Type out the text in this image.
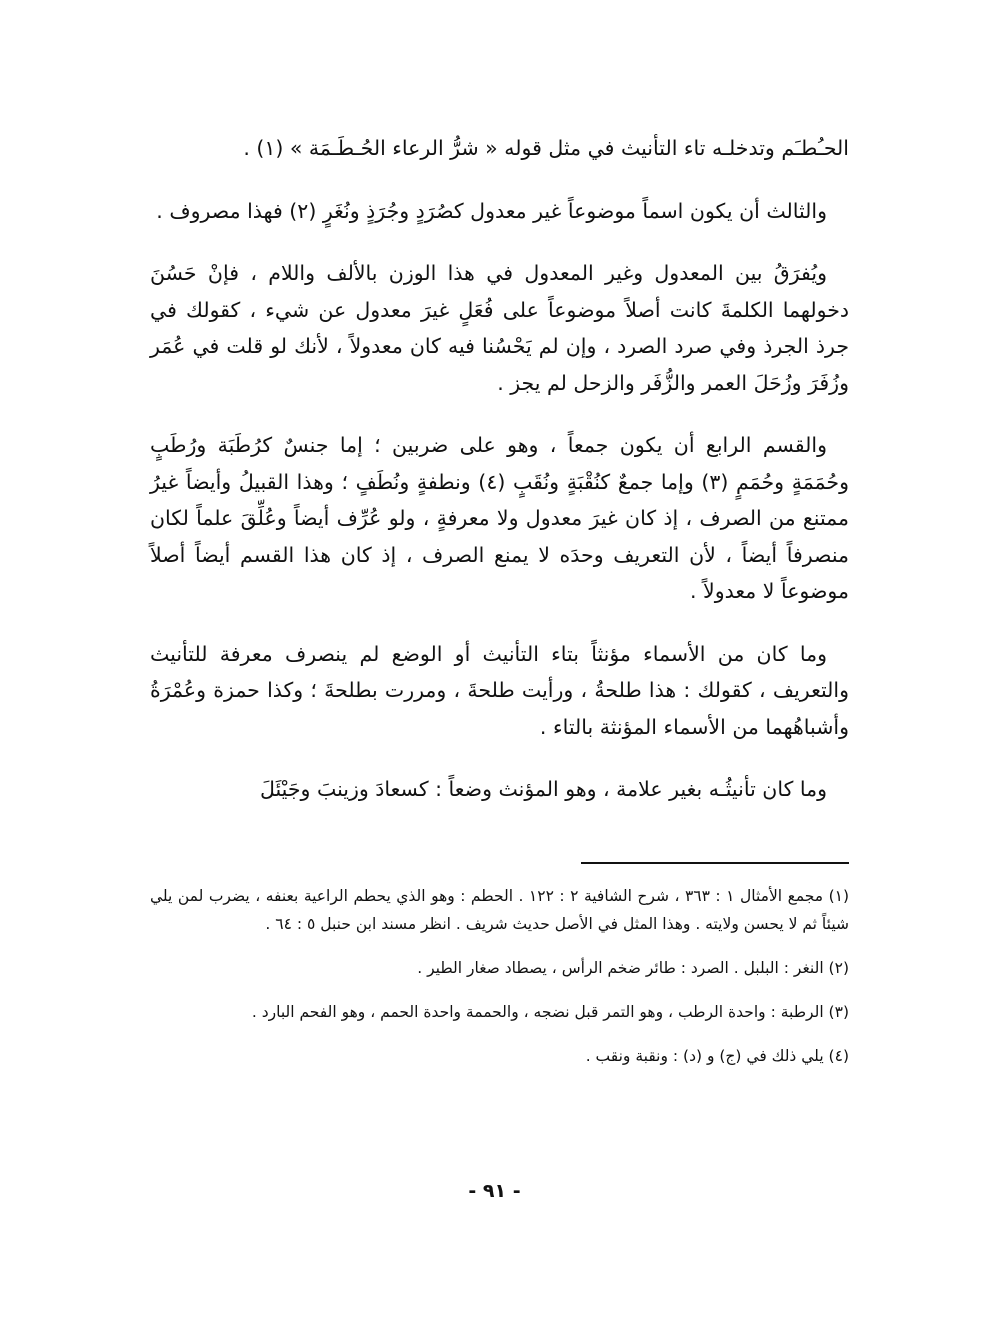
الحـُطـَم وتدخلـه تاء التأنيث في مثل قوله « شرُّ الرعاء الحُـطَـمَة » (١) .

والثالث أن يكون اسماً موضوعاً غير معدول كصُرَدٍ وجُرَذٍ ونُغَرٍ (٢) فهذا مصروف .

ويُفرَقُ بين المعدول وغير المعدول في هذا الوزن بالألف واللام ، فإنْ حَسُنَ دخولهما الكلمةَ كانت أصلاً موضوعاً على فُعَلٍ غيرَ معدول عن شيء ، كقولك في جرذ الجرذ وفي صرد الصرد ، وإن لم يَحْسُنا فيه كان معدولاً ، لأنك لو قلت في عُمَر وزُفَرَ وزُحَلَ العمر والزُّفَر والزحل لم يجز .

والقسم الرابع أن يكون جمعاً ، وهو على ضربين ؛ إما جنسٌ كرُطَبَة ورُطَبٍ وحُمَمَةٍ وحُمَمٍ (٣) وإما جمعٌ كنُقْبَةٍ ونُقَبٍ (٤) ونطفةٍ ونُطَفٍ ؛ وهذا القبيلُ وأيضاً غيرُ ممتنع من الصرف ، إذ كان غيرَ معدول ولا معرفةٍ ، ولو عُرِّف أيضاً وعُلِّقَ علماً لكان منصرفاً أيضاً ، لأن التعريف وحدَه لا يمنع الصرف ، إذ كان هذا القسم أيضاً أصلاً موضوعاً لا معدولاً .

وما كان من الأسماء مؤنثاً بتاء التأنيث أو الوضع لم ينصرف معرفة للتأنيث والتعريف ، كقولك : هذا طلحةُ ، ورأيت طلحةَ ، ومررت بطلحةَ ؛ وكذا حمزة وعُمْرَةُ وأشباهُهما من الأسماء المؤنثة بالتاء .

وما كان تأنيثُـه بغير علامة ، وهو المؤنث وضعاً : كسعادَ وزينبَ وجَيْئَلَ

(١) مجمع الأمثال ١ : ٣٦٣ ، شرح الشافية ٢ : ١٢٢ . الحطم : وهو الذي يحطم الراعية بعنفه ، يضرب لمن يلي شيئاً ثم لا يحسن ولايته . وهذا المثل في الأصل حديث شريف . انظر مسند ابن حنبل ٥ : ٦٤ .

(٢) النغر : البلبل . الصرد : طائر ضخم الرأس ، يصطاد صغار الطير .

(٣) الرطبة : واحدة الرطب ، وهو التمر قبل نضجه ، والحممة واحدة الحمم ، وهو الفحم البارد .

(٤) يلي ذلك في (ج) و (د) : ونقبة ونقب .

- ٩١ -
